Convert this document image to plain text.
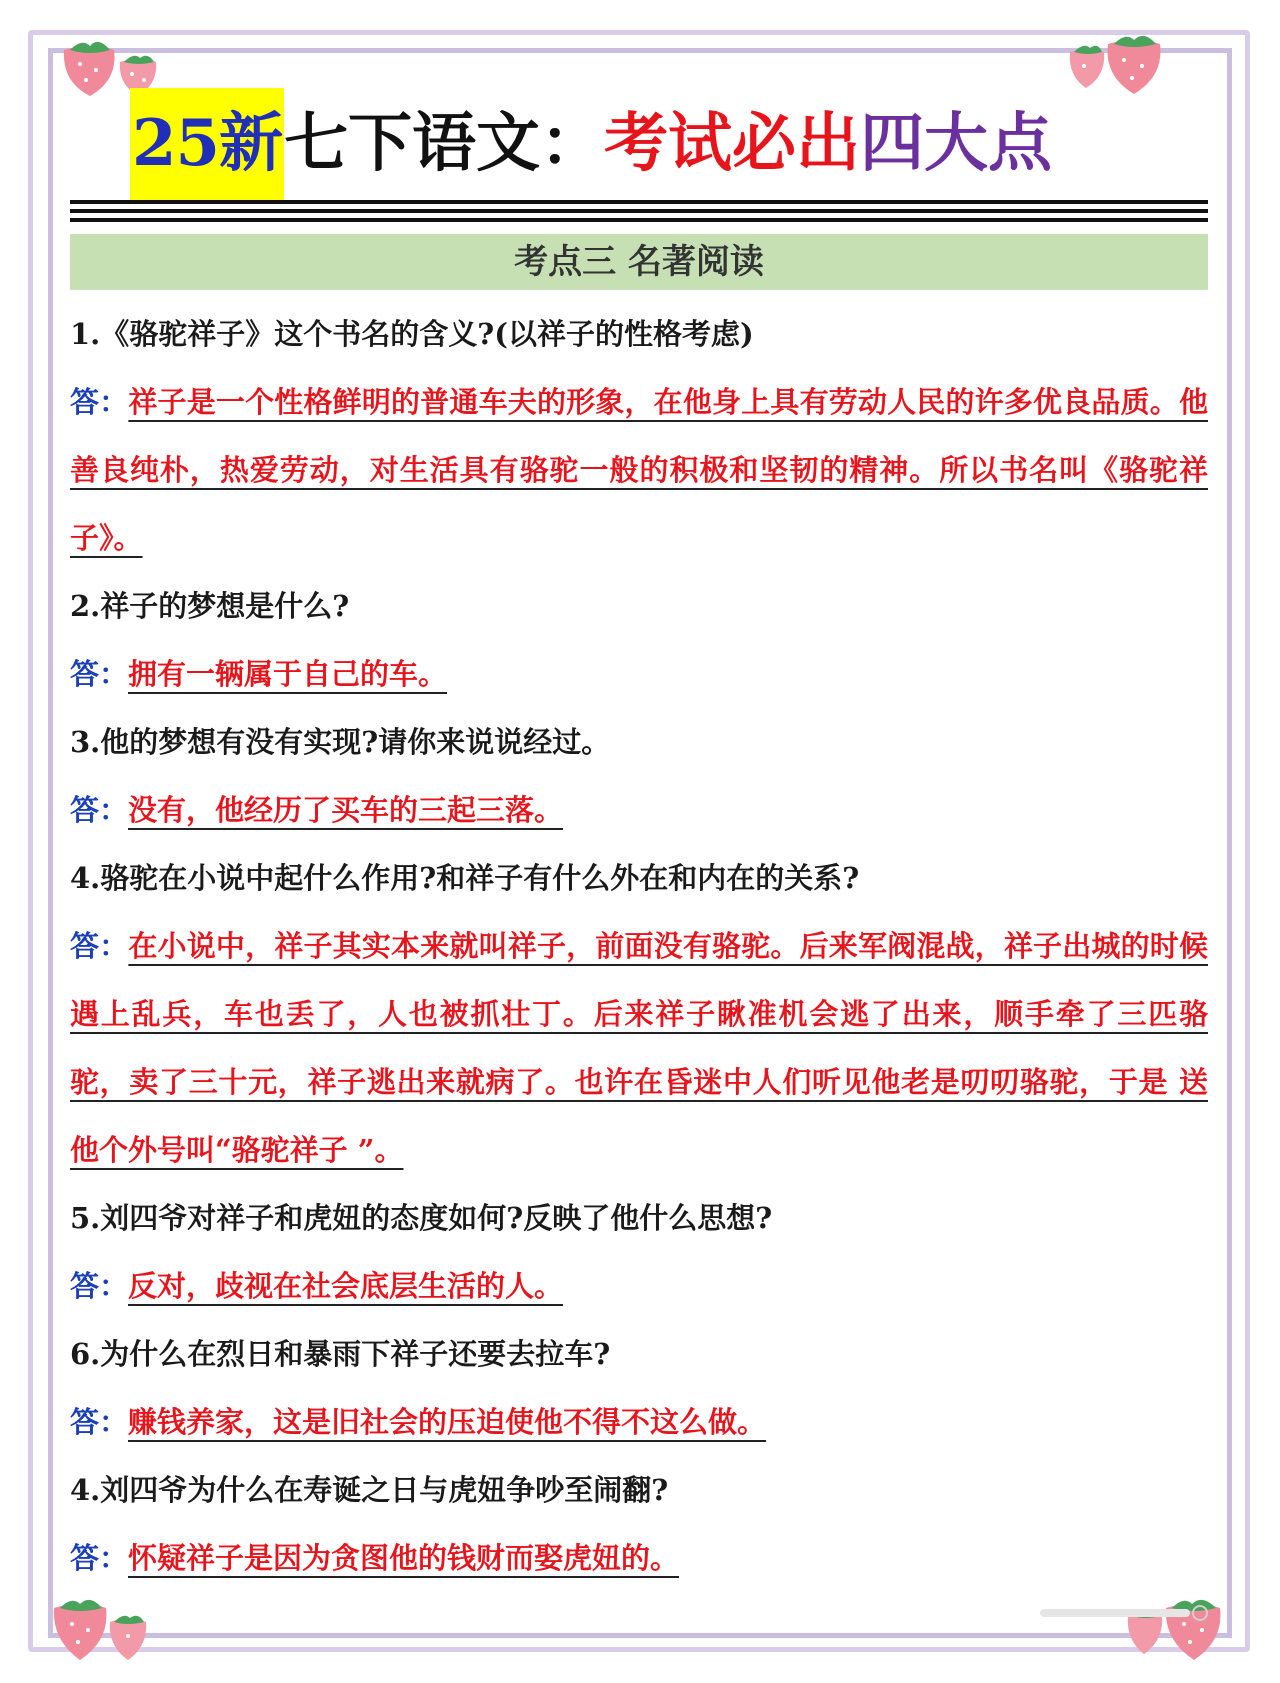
25新 七下语文： 考试必出 四大点
考点三 名著阅读
1.《骆驼祥子》这个书名的含义?(以祥子的性格考虑)
答：祥子是一个性格鲜明的普通车夫的形象，在他身上具有劳动人民的许多优良品质。他 善良纯朴，热爱劳动，对生活具有骆驼一般的积极和坚韧的精神。所以书名叫《骆驼祥子》。
2.祥子的梦想是什么?
答：拥有一辆属于自己的车。
3.他的梦想有没有实现?请你来说说经过。
答：没有，他经历了买车的三起三落。
4.骆驼在小说中起什么作用?和祥子有什么外在和内在的关系?
答：在小说中，祥子其实本来就叫祥子，前面没有骆驼。后来军阀混战，祥子出城的时候 遇上乱兵，车也丢了，人也被抓壮丁。后来祥子瞅准机会逃了出来，顺手牵了三匹骆 驼，卖了三十元，祥子逃出来就病了。也许在昏迷中人们听见他老是叨叨骆驼，于是 送他个外号叫“骆驼祥子 ”。
5.刘四爷对祥子和虎妞的态度如何?反映了他什么思想?
答：反对，歧视在社会底层生活的人。
6.为什么在烈日和暴雨下祥子还要去拉车?
答：赚钱养家，这是旧社会的压迫使他不得不这么做。
4.刘四爷为什么在寿诞之日与虎妞争吵至闹翻?
答：怀疑祥子是因为贪图他的钱财而娶虎妞的。
